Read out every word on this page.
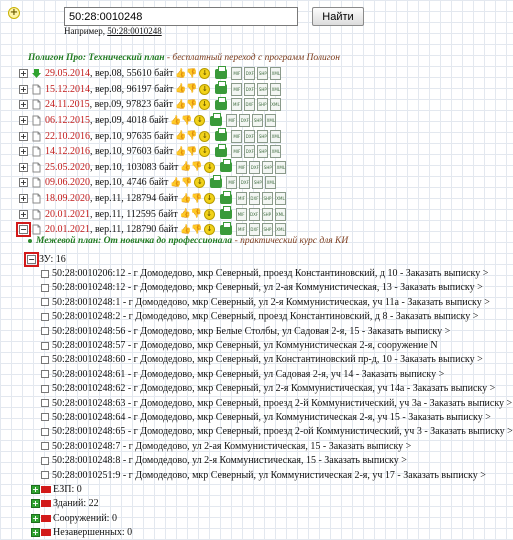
+
50:28:0010248	Найти
Например, 50:28:0010248
Полигон Про: Технический план - бесплатный переход с программ Полигон
+ 29.05.2014 , вер.08, 55610 байт 👍 👎 ↓	MIF	DXF	SHP	XML
+ 15.12.2014 , вер.08, 96197 байт 👍 👎 ↓	MIF	DXF	SHP	XML
+ 24.11.2015 , вер.09, 97823 байт 👍 👎 ↓	MIF	DXF	SHP	XML
+ 06.12.2015 , вер.09, 4018 байт 👍 👎 ↓	MIF	DXF	SHP	XML
+ 22.10.2016 , вер.10, 97635 байт 👍 👎 ↓	MIF	DXF	SHP	XML
+ 14.12.2016 , вер.10, 97603 байт 👍 👎 ↓	MIF	DXF	SHP	XML
+ 25.05.2020 , вер.10, 103083 байт 👍 👎 ↓	MIF	DXF	SHP	XML
+ 09.06.2020 , вер.10, 4746 байт 👍 👎 ↓	MIF	DXF	SHP	XML
+ 18.09.2020 , вер.11, 128794 байт 👍 👎 ↓	MIF	DXF	SHP	XML
+ 20.01.2021 , вер.11, 112595 байт 👍 👎 ↓	MIF	DXF	SHP	XML
− 20.01.2021 , вер.11, 128790 байт 👍 👎 ↓	MIF	DXF	SHP	XML
Межевой план: От новичка до профессионала - практический курс для КИ
− ЗУ: 16
50:28:0010206:12 - г Домодедово, мкр Северный, проезд Константиновский, д 10 - Заказать выписку >
50:28:0010248:12 - г Домодедово, мкр Северный, ул 2-ая Коммунистическая, 13 - Заказать выписку >
50:28:0010248:1 - г Домодедово, мкр Северный, ул 2-я Коммунистическая, уч 11а - Заказать выписку >
50:28:0010248:2 - г Домодедово, мкр Северный, проезд Константиновский, д 8 - Заказать выписку >
50:28:0010248:56 - г Домодедово, мкр Белые Столбы, ул Садовая 2-я, 15 - Заказать выписку >
50:28:0010248:57 - г Домодедово, мкр Северный, ул Коммунистическая 2-я, сооружение N
50:28:0010248:60 - г Домодедово, мкр Северный, ул Константиновский пр-д, 10 - Заказать выписку >
50:28:0010248:61 - г Домодедово, мкр Северный, ул Садовая 2-я, уч 14 - Заказать выписку >
50:28:0010248:62 - г Домодедово, мкр Северный, ул 2-я Коммунистическая, уч 14а - Заказать выписку >
50:28:0010248:63 - г Домодедово, мкр Северный, проезд 2-й Коммунистический, уч 3а - Заказать выписку >
50:28:0010248:64 - г Домодедово, мкр Северный, ул Коммунистическая 2-я, уч 15 - Заказать выписку >
50:28:0010248:65 - г Домодедово, мкр Северный, проезд 2-ой Коммунистический, уч 3 - Заказать выписку >
50:28:0010248:7 - г Домодедово, ул 2-ая Коммунистическая, 15 - Заказать выписку >
50:28:0010248:8 - г Домодедово, ул 2-я Коммунистическая, 15 - Заказать выписку >
50:28:0010251:9 - г Домодедово, мкр Северный, ул Коммунистическая 2-я, уч 17 - Заказать выписку >
+ ЕЗП: 0
+ Зданий: 22
+ Сооружений: 0
+ Незавершенных: 0
